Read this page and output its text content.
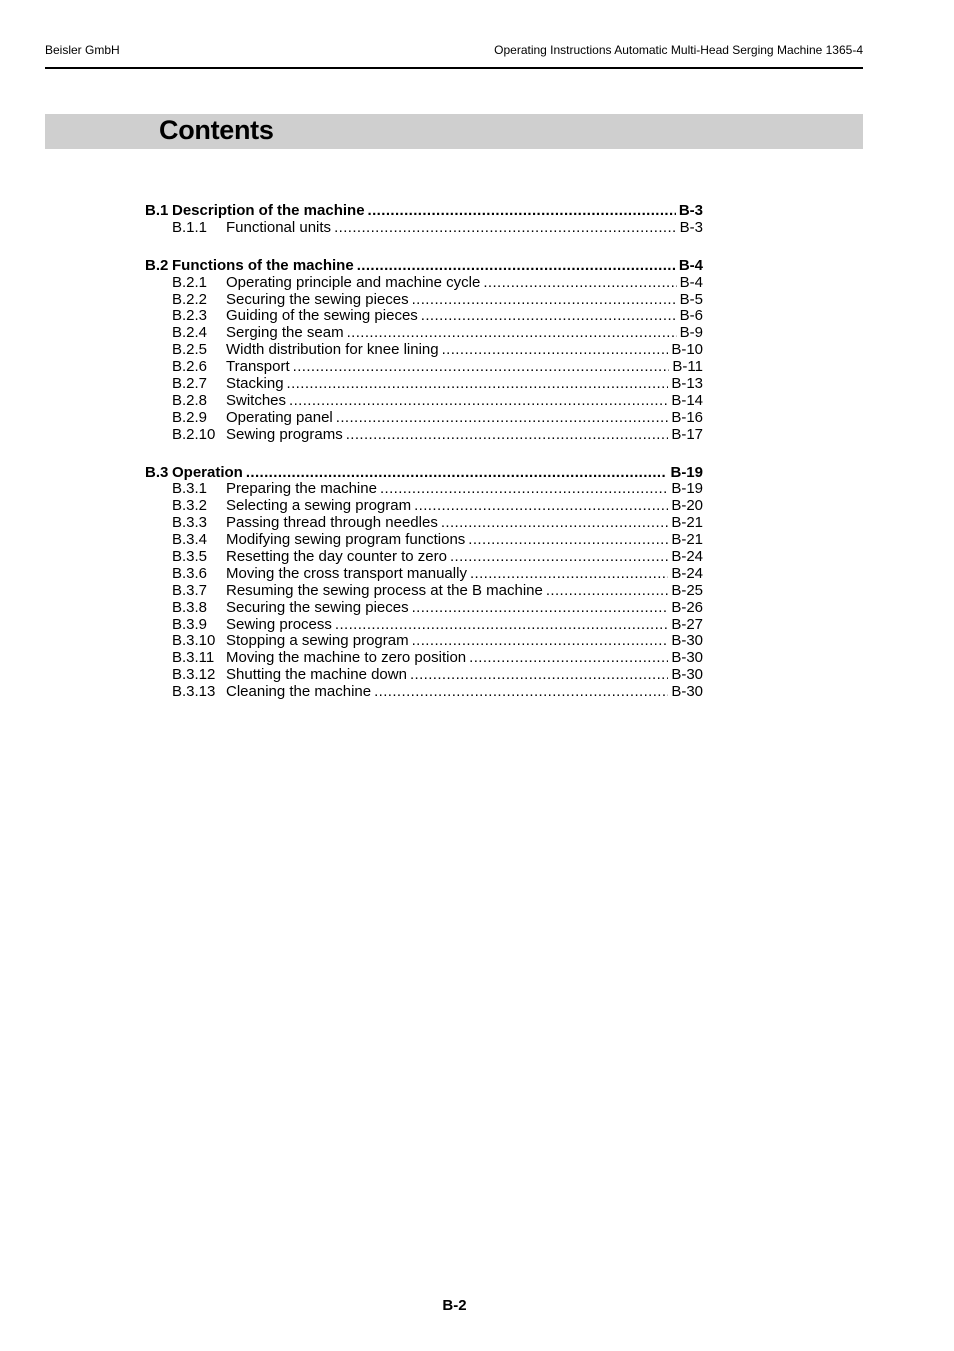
Beisler GmbH	Operating Instructions Automatic Multi-Head Serging Machine 1365-4
Contents
B.1 Description of the machine .....	B-3
B.1.1	Functional units .....	B-3
B.2 Functions of the machine .....	B-4
B.2.1	Operating principle and machine cycle .....	B-4
B.2.2	Securing the sewing pieces .....	B-5
B.2.3	Guiding of the sewing pieces .....	B-6
B.2.4	Serging the seam .....	B-9
B.2.5	Width distribution for knee lining .....	B-10
B.2.6	Transport .....	B-11
B.2.7	Stacking .....	B-13
B.2.8	Switches .....	B-14
B.2.9	Operating panel .....	B-16
B.2.10 Sewing programs .....	B-17
B.3 Operation .....	B-19
B.3.1	Preparing the machine .....	B-19
B.3.2	Selecting a sewing program .....	B-20
B.3.3	Passing thread through needles .....	B-21
B.3.4	Modifying sewing program functions .....	B-21
B.3.5	Resetting the day counter to zero .....	B-24
B.3.6	Moving the cross transport manually .....	B-24
B.3.7	Resuming the sewing process at the B machine .....	B-25
B.3.8	Securing the sewing pieces .....	B-26
B.3.9	Sewing process .....	B-27
B.3.10 Stopping a sewing program .....	B-30
B.3.11 Moving the machine to zero position .....	B-30
B.3.12 Shutting the machine down .....	B-30
B.3.13 Cleaning the machine .....	B-30
B-2
